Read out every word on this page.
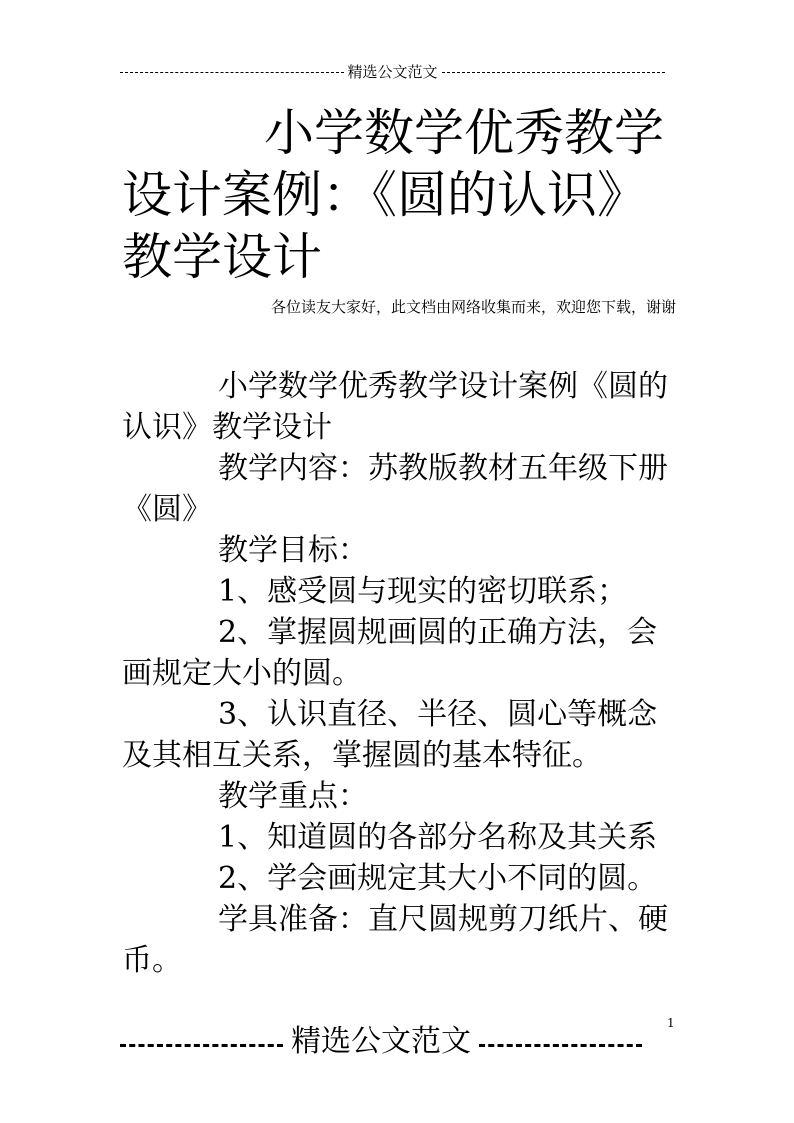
精选公文范文
小学数学优秀教学设计案例：《圆的认识》教学设计
各位读友大家好，此文档由网络收集而来，欢迎您下载，谢谢

小学数学优秀教学设计案例《圆的认识》教学设计

教学内容：苏教版教材五年级下册《圆》

教学目标：

1、感受圆与现实的密切联系；

2、掌握圆规画圆的正确方法，会画规定大小的圆。

3、认识直径、半径、圆心等概念及其相互关系，掌握圆的基本特征。

教学重点：

1、知道圆的各部分名称及其关系

2、学会画规定其大小不同的圆。

学具准备：直尺圆规剪刀纸片、硬币。

1
精选公文范文
